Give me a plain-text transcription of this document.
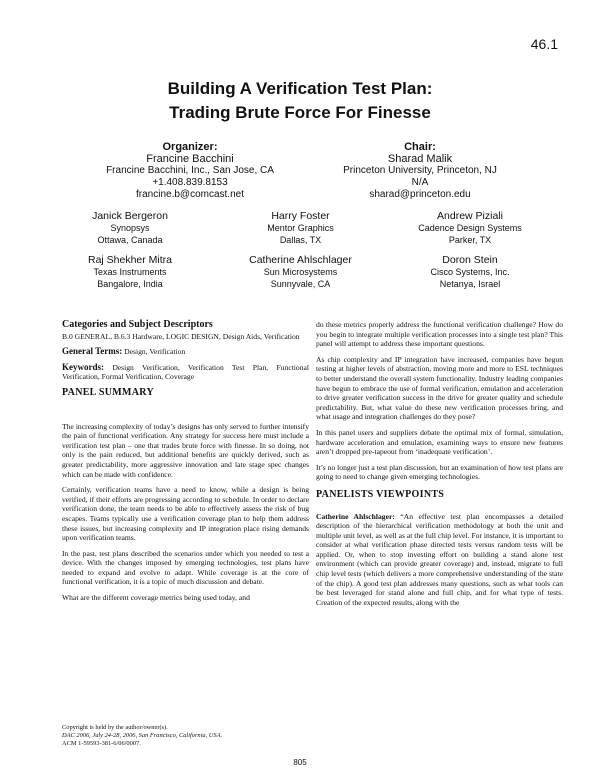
46.1
Building A Verification Test Plan:
Trading Brute Force For Finesse
Organizer:
Francine Bacchini
Francine Bacchini, Inc., San Jose, CA
+1.408.839.8153
francine.b@comcast.net
Chair:
Sharad Malik
Princeton University, Princeton, NJ
N/A
sharad@princeton.edu
Janick Bergeron
Synopsys
Ottawa, Canada
Harry Foster
Mentor Graphics
Dallas, TX
Andrew Piziali
Cadence Design Systems
Parker, TX
Raj Shekher Mitra
Texas Instruments
Bangalore, India
Catherine Ahlschlager
Sun Microsystems
Sunnyvale, CA
Doron Stein
Cisco Systems, Inc.
Netanya, Israel
Categories and Subject Descriptors

B.0 GENERAL, B.6.3 Hardware, LOGIC DESIGN, Design Aids, Verification

General Terms: Design, Verification

Keywords: Design Verification, Verification Test Plan, Functional Verification, Formal Verification, Coverage

PANEL SUMMARY

The increasing complexity of today’s designs has only served to further intensify the pain of functional verification. Any strategy for success here must include a verification test plan – one that trades brute force with finesse. In so doing, not only is the pain reduced, but additional benefits are quickly derived, such as greater predictability, more aggressive innovation and late stage spec changes which can be made with confidence.

Certainly, verification teams have a need to know, while a design is being verified, if their efforts are progressing according to schedule. In order to declare verification done, the team needs to be able to effectively assess the risk of bug escapes. Teams typically use a verification coverage plan to help them address these issues, but increasing complexity and IP integration place rising demands upon verification teams.

In the past, test plans described the scenarios under which you needed to test a device. With the changes imposed by emerging technologies, test plans have needed to expand and evolve to adapt. While coverage is at the core of functional verification, it is a topic of much discussion and debate.

What are the different coverage metrics being used today, and

Copyright is held by the author/owner(s).
DAC 2006, July 24-28, 2006, San Francisco, California, USA.
ACM 1-59593-381-6/06/0007.

do these metrics properly address the functional verification challenge? How do you begin to integrate multiple verification processes into a single test plan? This panel will attempt to address these important questions.

As chip complexity and IP integration have increased, companies have begun testing at higher levels of abstraction, moving more and more to ESL techniques to better understand the overall system functionality. Industry leading companies have begun to embrace the use of formal verification, emulation and acceleration to drive greater verification success in the drive for greater quality and schedule predictability. But, what value do these new verification processes bring, and what usage and integration challenges do they pose?

In this panel users and suppliers debate the optimal mix of formal, simulation, hardware acceleration and emulation, examining ways to ensure new features aren’t dropped pre-tapeout from ‘inadequate verification’.

It’s no longer just a test plan discussion, but an examination of how test plans are going to need to change given emerging technologies.

PANELISTS VIEWPOINTS

Catherine Ahlschlager: “An effective test plan encompasses a detailed description of the hierarchical verification methodology at both the unit and multiple unit level, as well as at the full chip level. For instance, it is important to consider at what verification phase directed tests versus random tests will be applied. Or, when to stop investing effort on building a stand alone test environment (which can provide greater coverage) and, instead, migrate to full chip level tests (which delivers a more comprehensive understanding of the state of the chip). A good test plan addresses many questions, such as what tools can be best leveraged for stand alone and full chip, and for what type of tests. Creation of the expected results, along with the

805
